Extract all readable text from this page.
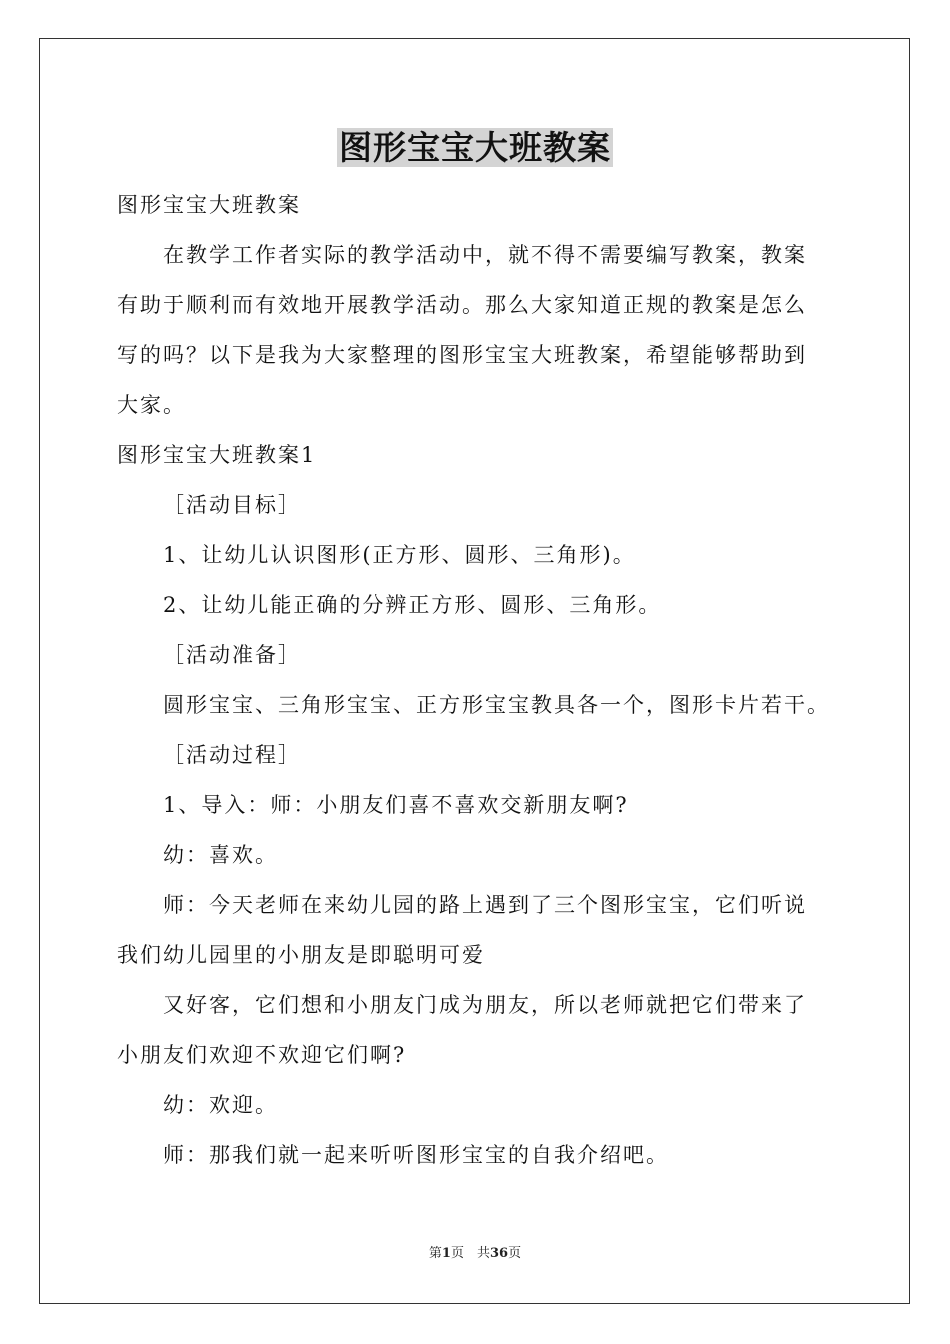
图形宝宝大班教案
图形宝宝大班教案
在教学工作者实际的教学活动中，就不得不需要编写教案，教案
有助于顺利而有效地开展教学活动。那么大家知道正规的教案是怎么
写的吗？以下是我为大家整理的图形宝宝大班教案，希望能够帮助到
大家。
图形宝宝大班教案1
［活动目标］
1、让幼儿认识图形(正方形、圆形、三角形)。
2、让幼儿能正确的分辨正方形、圆形、三角形。
［活动准备］
圆形宝宝、三角形宝宝、正方形宝宝教具各一个，图形卡片若干。
［活动过程］
1、导入：师：小朋友们喜不喜欢交新朋友啊?
幼：喜欢。
师：今天老师在来幼儿园的路上遇到了三个图形宝宝，它们听说
我们幼儿园里的小朋友是即聪明可爱
又好客，它们想和小朋友门成为朋友，所以老师就把它们带来了
小朋友们欢迎不欢迎它们啊?
幼：欢迎。
师：那我们就一起来听听图形宝宝的自我介绍吧。
第1页　共36页
